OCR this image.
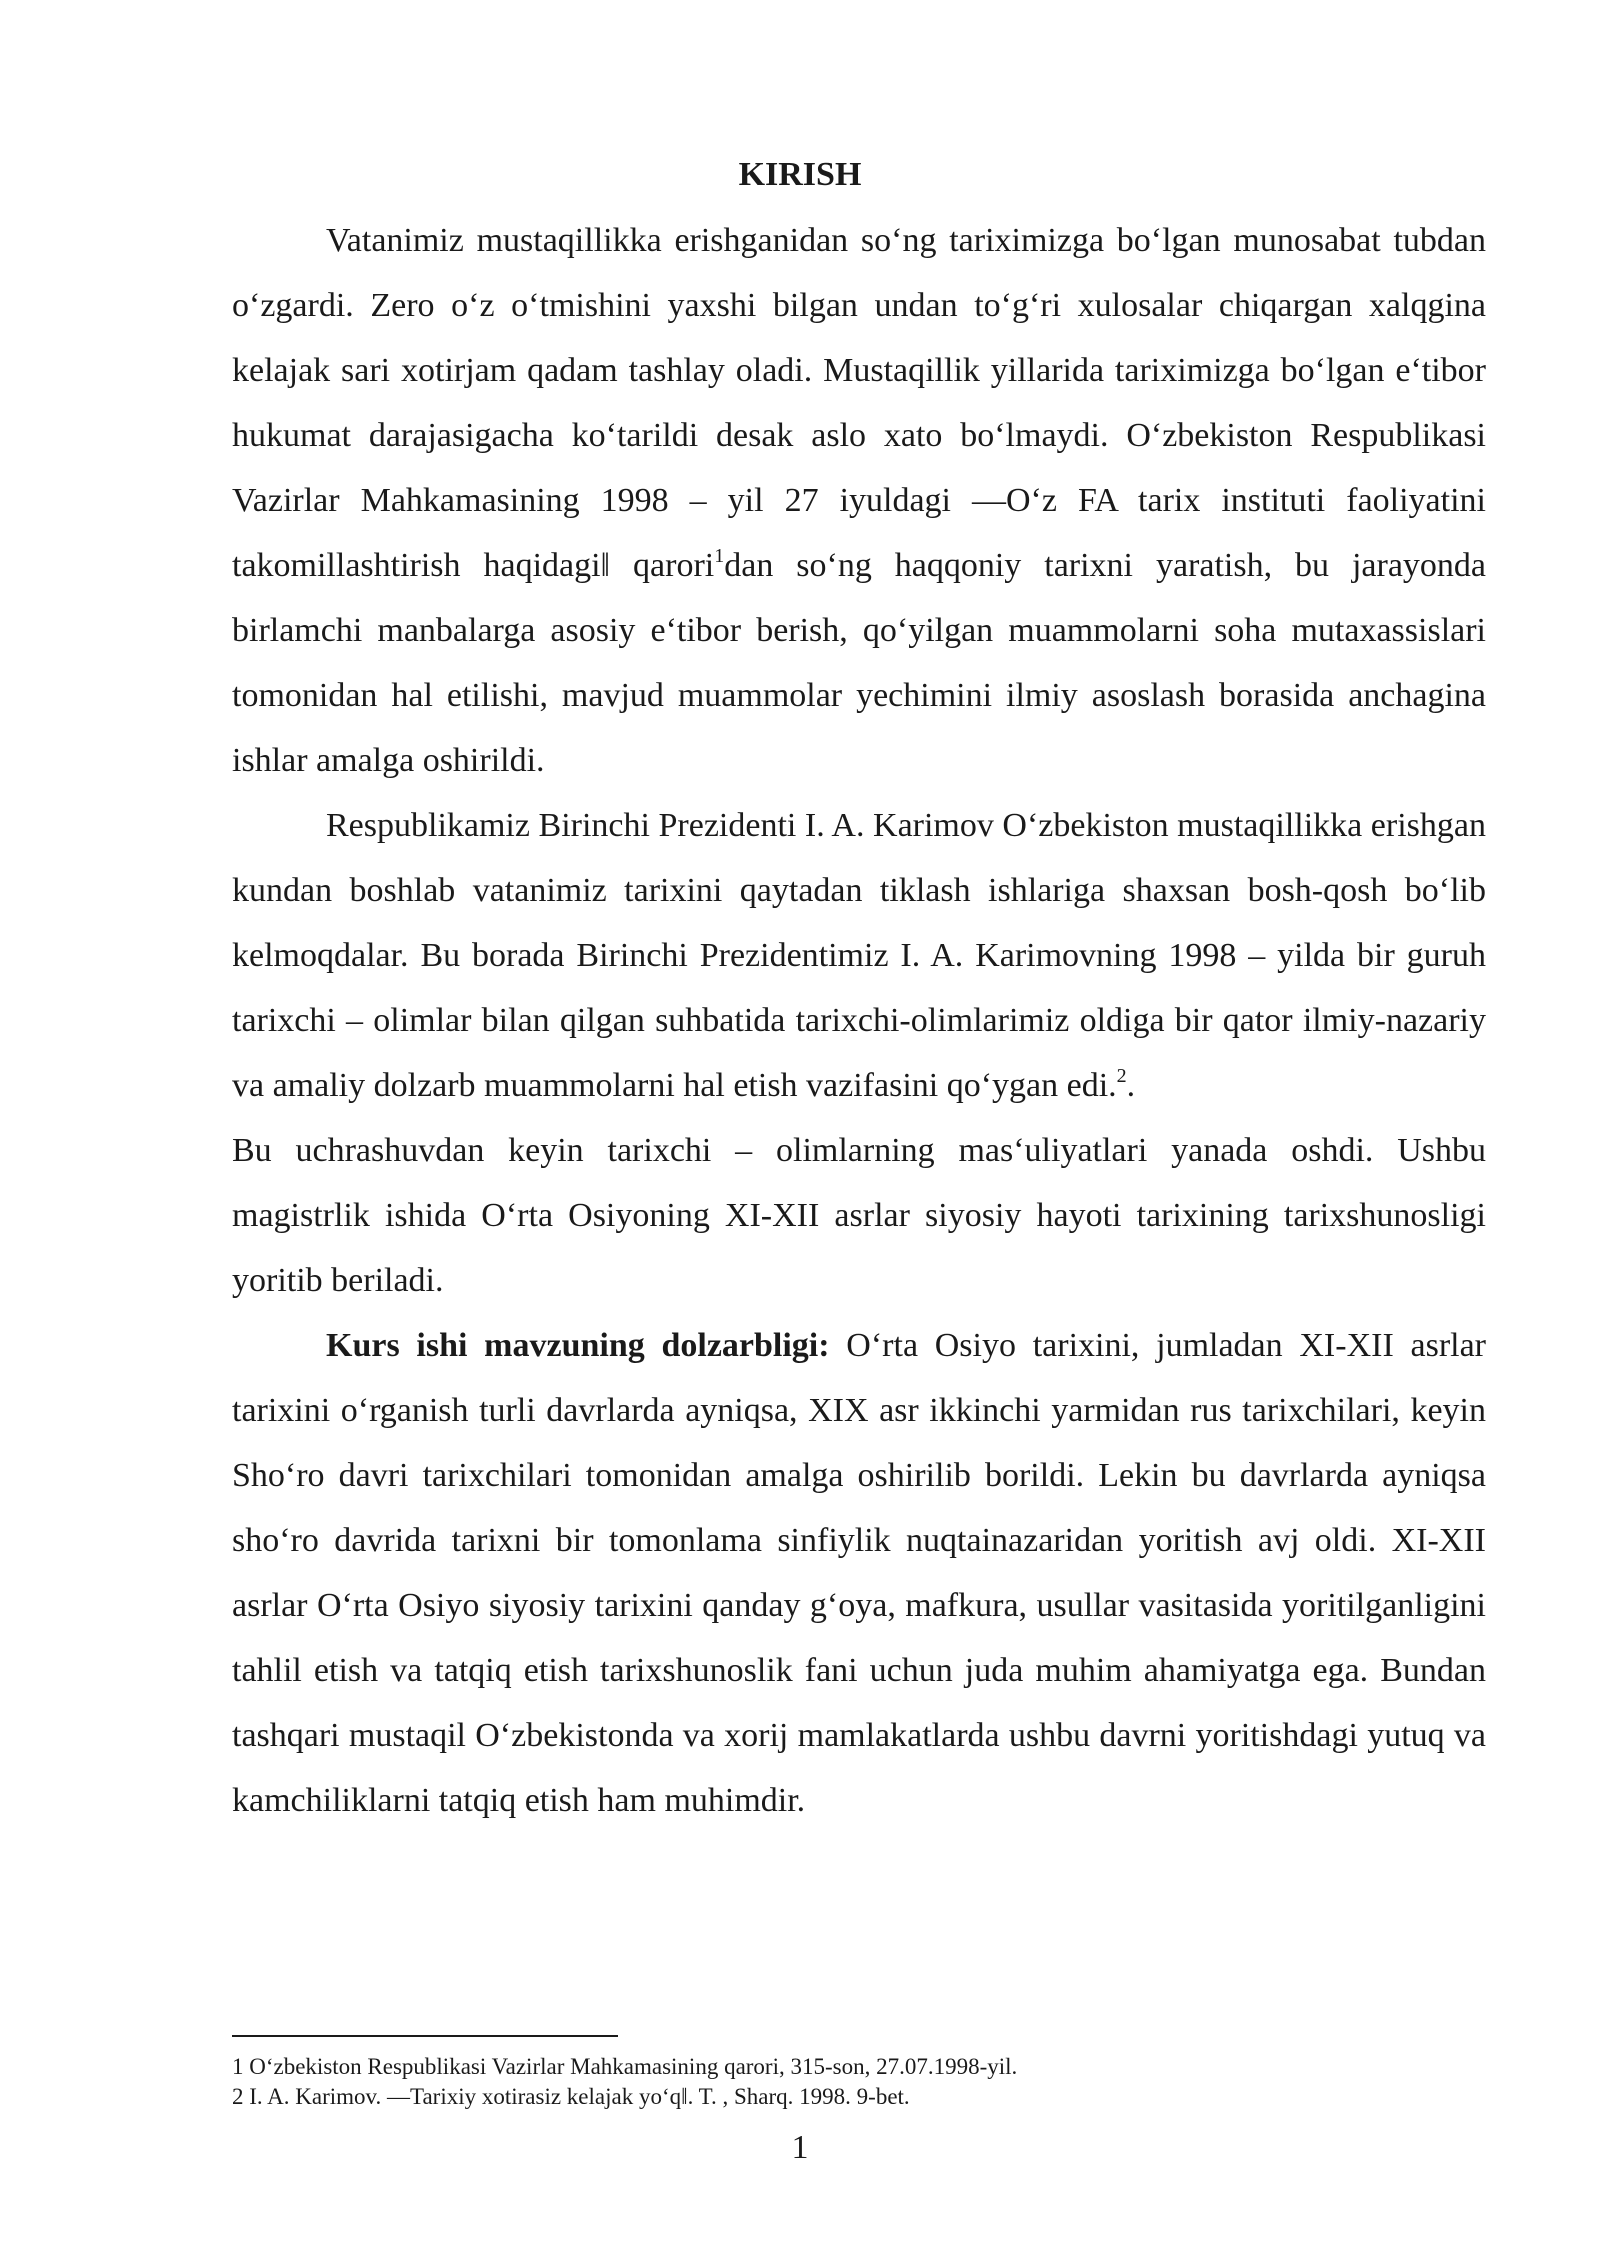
KIRISH

Vatanimiz mustaqillikka erishganidan so‘ng tariximizga bo‘lgan munosabat tubdan o‘zgardi. Zero o‘z o‘tmishini yaxshi bilgan undan to‘g‘ri xulosalar chiqargan xalqgina kelajak sari xotirjam qadam tashlay oladi. Mustaqillik yillarida tariximizga bo‘lgan e‘tibor hukumat darajasigacha ko‘tarildi desak aslo xato bo‘lmaydi. O‘zbekiston Respublikasi Vazirlar Mahkamasining 1998 – yil 27 iyuldagi ―O‘z FA tarix instituti faoliyatini takomillashtirish haqidagi‖ qarori$^1$dan so‘ng haqqoniy tarixni yaratish, bu jarayonda birlamchi manbalarga asosiy e‘tibor berish, qo‘yilgan muammolarni soha mutaxassislari tomonidan hal etilishi, mavjud muammolar yechimini ilmiy asoslash borasida anchagina ishlar amalga oshirildi.

Respublikamiz Birinchi Prezidenti I. A. Karimov O‘zbekiston mustaqillikka erishgan kundan boshlab vatanimiz tarixini qaytadan tiklash ishlariga shaxsan bosh-qosh bo‘lib kelmoqdalar. Bu borada Birinchi Prezidentimiz I. A. Karimovning 1998 – yilda bir guruh tarixchi – olimlar bilan qilgan suhbatida tarixchi-olimlarimiz oldiga bir qator ilmiy-nazariy va amaliy dolzarb muammolarni hal etish vazifasini qo‘ygan edi.$^2$.

Bu uchrashuvdan keyin tarixchi – olimlarning mas‘uliyatlari yanada oshdi. Ushbu magistrlik ishida O‘rta Osiyoning XI-XII asrlar siyosiy hayoti tarixining tarixshunosligi yoritib beriladi.

Kurs ishi mavzuning dolzarbligi: O‘rta Osiyo tarixini, jumladan XI-XII asrlar tarixini o‘rganish turli davrlarda ayniqsa, XIX asr ikkinchi yarmidan rus tarixchilari, keyin Sho‘ro davri tarixchilari tomonidan amalga oshirilib borildi. Lekin bu davrlarda ayniqsa sho‘ro davrida tarixni bir tomonlama sinfiylik nuqtainazaridan yoritish avj oldi. XI-XII asrlar O‘rta Osiyo siyosiy tarixini qanday g‘oya, mafkura, usullar vasitasida yoritilganligini tahlil etish va tatqiq etish tarixshunoslik fani uchun juda muhim ahamiyatga ega. Bundan tashqari mustaqil O‘zbekistonda va xorij mamlakatlarda ushbu davrni yoritishdagi yutuq va kamchiliklarni tatqiq etish ham muhimdir.

1 O‘zbekiston Respublikasi Vazirlar Mahkamasining qarori, 315-son, 27.07.1998-yil.

2 I. A. Karimov. ―Tarixiy xotirasiz kelajak yo‘q‖. T. , Sharq. 1998. 9-bet.

1
